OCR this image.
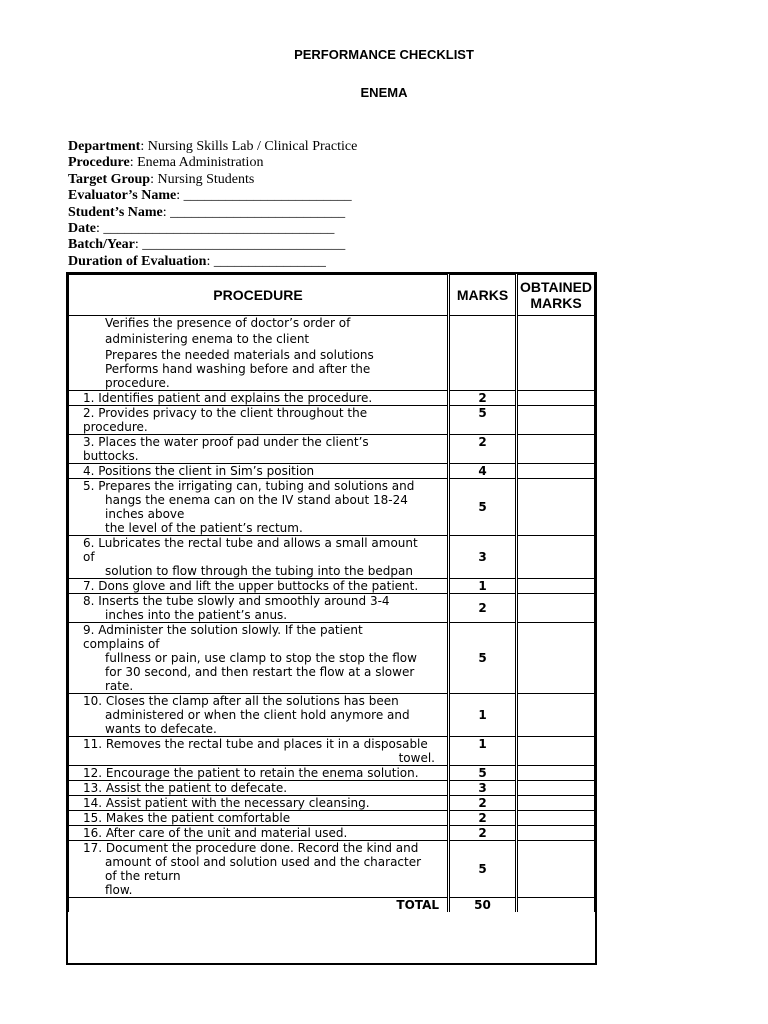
PERFORMANCE CHECKLIST
ENEMA
Department: Nursing Skills Lab / Clinical Practice
Procedure: Enema Administration
Target Group: Nursing Students
Evaluator’s Name: ________________________
Student’s Name: _________________________
Date: _________________________________
Batch/Year: _____________________________
Duration of Evaluation: ________________
PROCEDURE	MARKS	OBTAINED MARKS

Verifies the presence of doctor’s order of
administering enema to the client
Prepares the needed materials and solutions
Performs hand washing before and after the
procedure.		

1. Identifies patient and explains the procedure.	2	

2. Provides privacy to the client throughout the
procedure.	5	

3. Places the water proof pad under the client’s
buttocks.	2	

4. Positions the client in Sim’s position	4	

5. Prepares the irrigating can, tubing and solutions and
hangs the enema can on the IV stand about 18-24
inches above
the level of the patient’s rectum.	5	

6. Lubricates the rectal tube and allows a small amount
of
solution to flow through the tubing into the bedpan	3	

7. Dons glove and lift the upper buttocks of the patient.	1	

8. Inserts the tube slowly and smoothly around 3-4
inches into the patient’s anus.	2	

9. Administer the solution slowly. If the patient
complains of
fullness or pain, use clamp to stop the stop the flow
for 30 second, and then restart the flow at a slower
rate.	5	

10. Closes the clamp after all the solutions has been
administered or when the client hold anymore and
wants to defecate.	1	

11. Removes the rectal tube and places it in a disposable
towel.	1	

12. Encourage the patient to retain the enema solution.	5	

13. Assist the patient to defecate.	3	

14. Assist patient with the necessary cleansing.	2	

15. Makes the patient comfortable	2	

16. After care of the unit and material used.	2	

17. Document the procedure done. Record the kind and
amount of stool and solution used and the character
of the return
flow.	5	
TOTAL	50	
